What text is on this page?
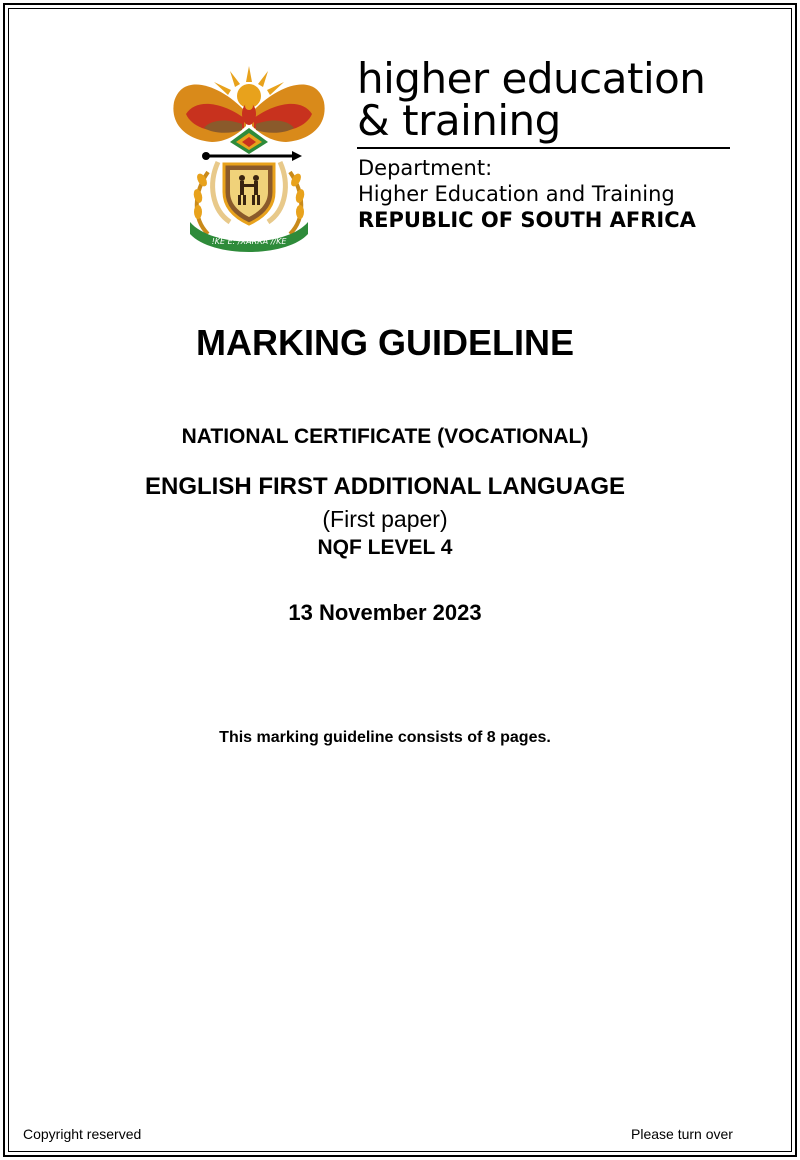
!KE E: /XARRA //KE
higher education
& training
Department:
Higher Education and Training
REPUBLIC OF SOUTH AFRICA
MARKING GUIDELINE
NATIONAL CERTIFICATE (VOCATIONAL)
ENGLISH FIRST ADDITIONAL LANGUAGE
(First paper)
NQF LEVEL 4
13 November 2023
This marking guideline consists of 8 pages.
Copyright reserved	Please turn over
